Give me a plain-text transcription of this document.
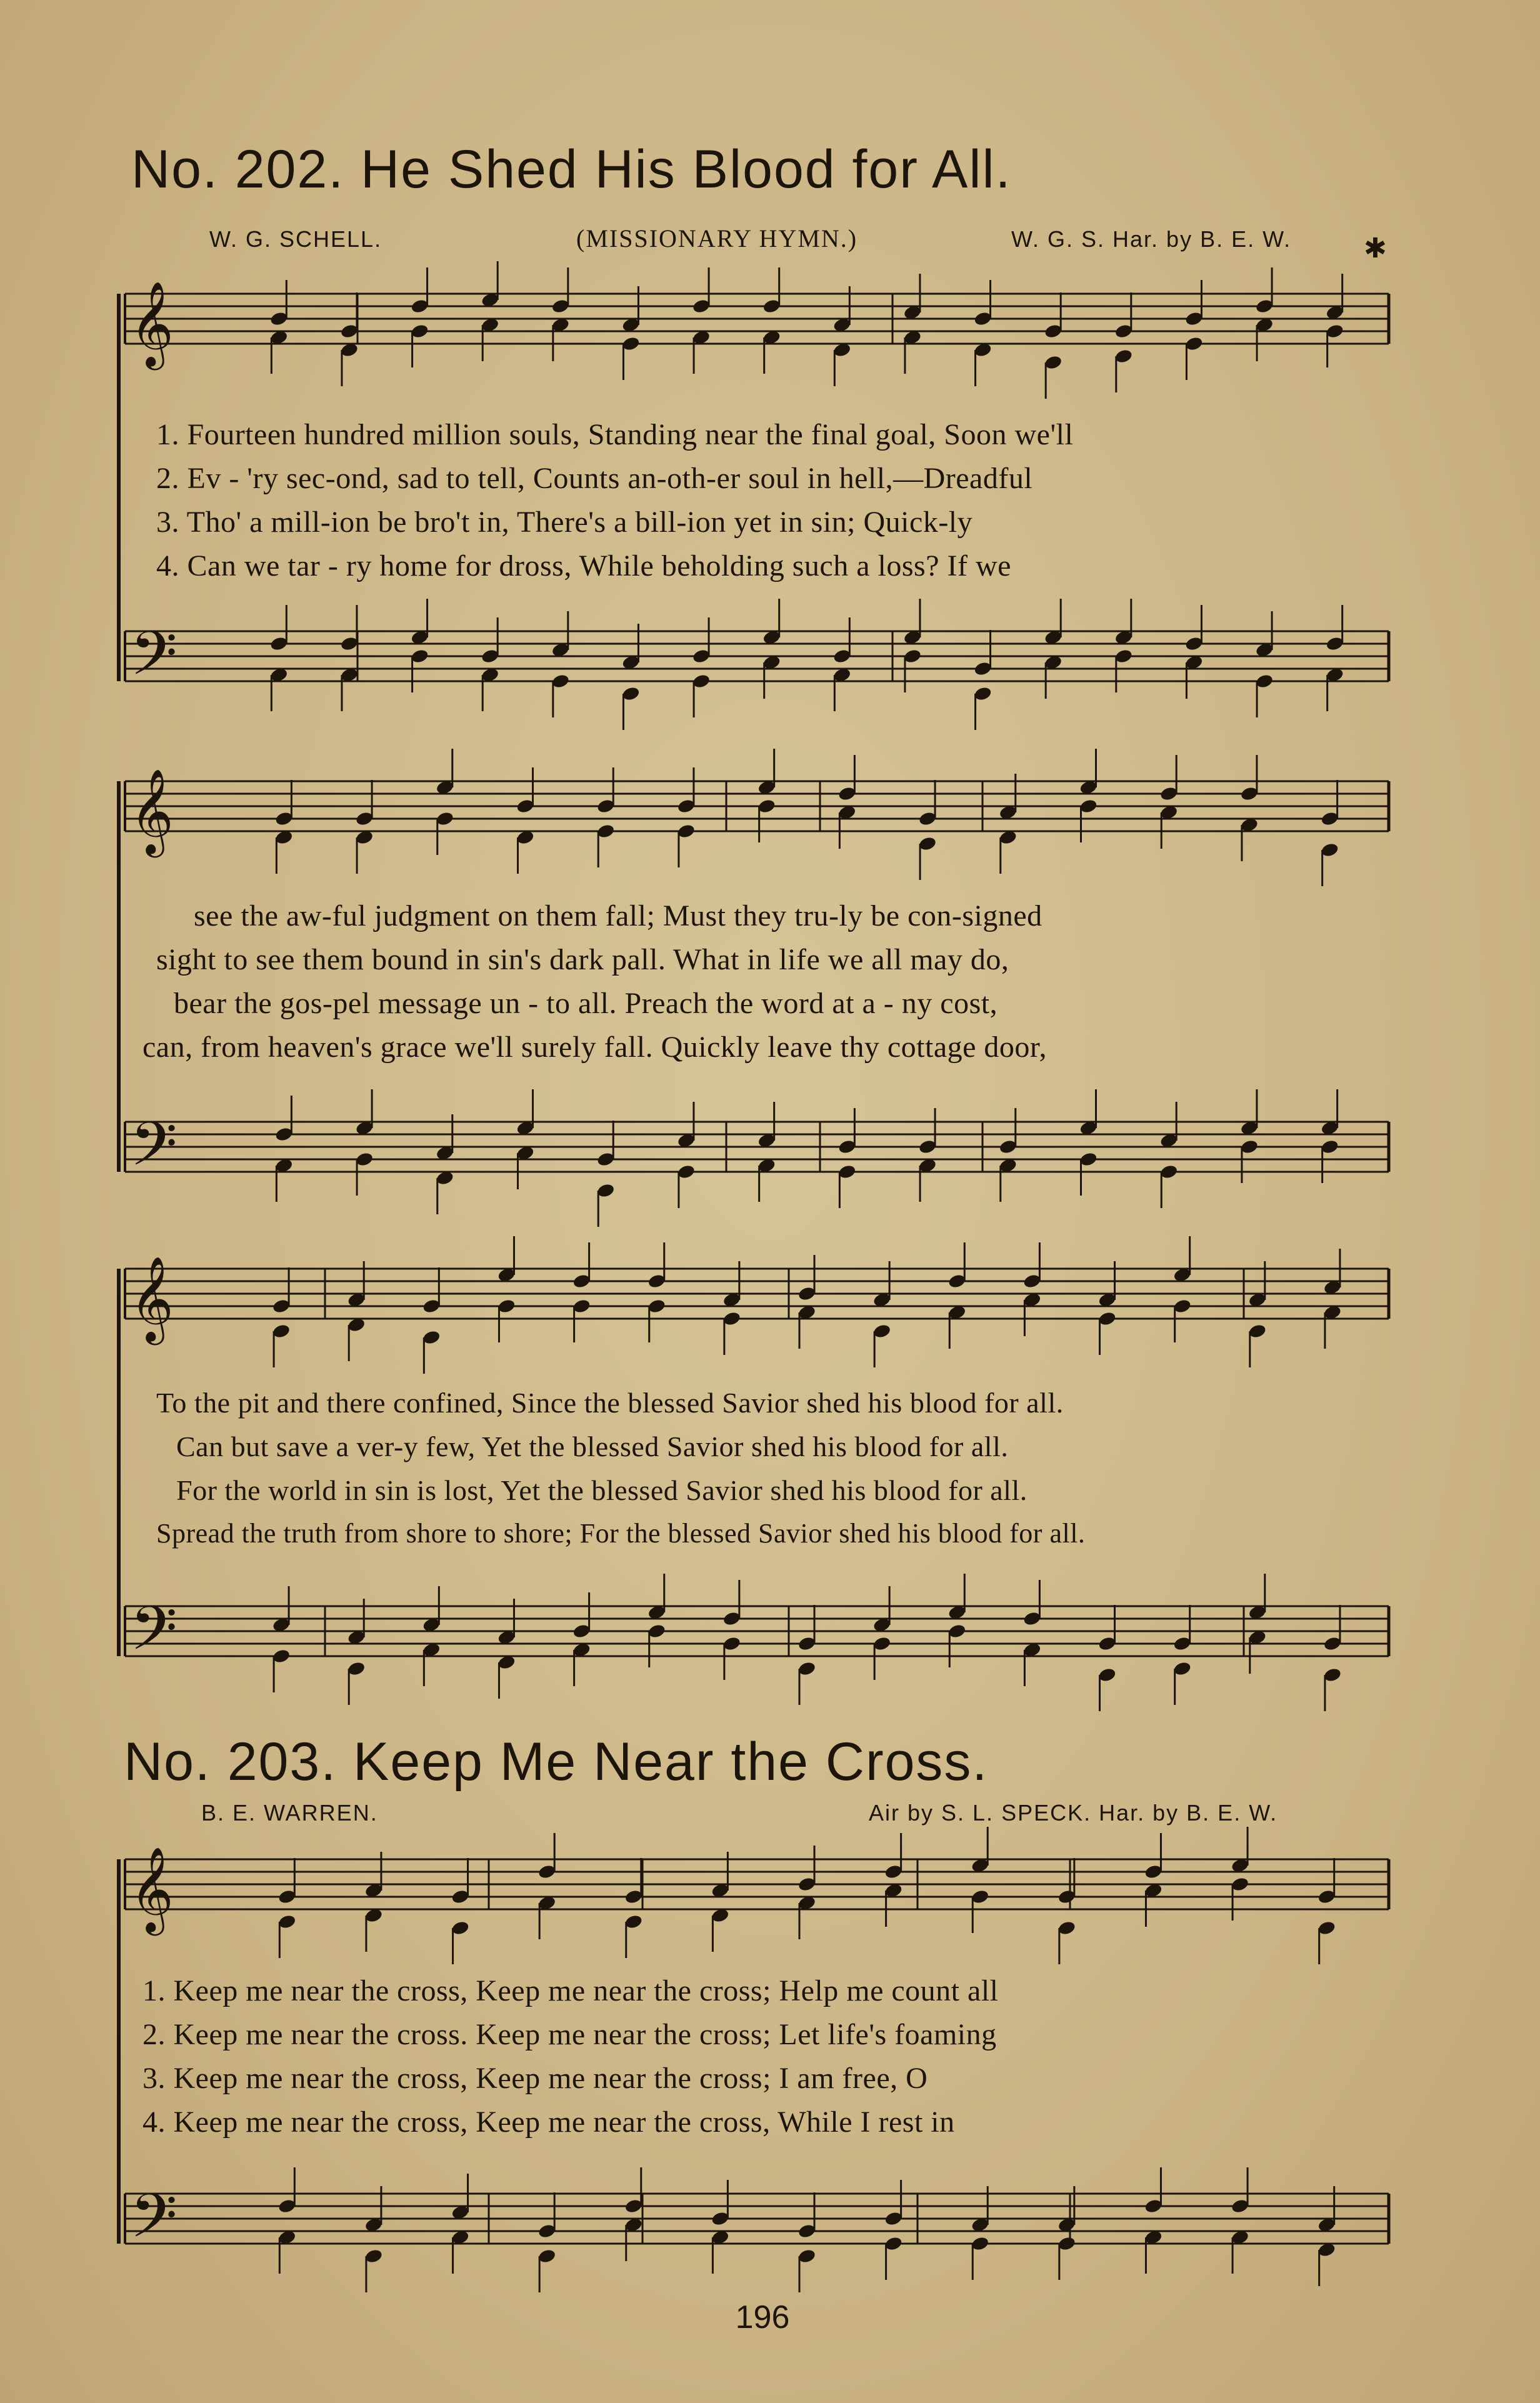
No. 202. He Shed His Blood for All.
W. G. SCHELL.	(MISSIONARY HYMN.)	W. G. S. Har. by B. E. W.	✱
1. Fourteen hundred million souls, Standing near the final goal, Soon we'll
2. Ev - 'ry sec-ond, sad to tell, Counts an-oth-er soul in hell,—Dreadful
3. Tho' a mill-ion be bro't in, There's a bill-ion yet in sin; Quick-ly
4. Can we tar - ry home for dross, While beholding such a loss? If we
see the aw-ful judgment on them fall; Must they tru-ly be con-signed
sight to see them bound in sin's dark pall. What in life we all may do,
bear the gos-pel message un - to all. Preach the word at a - ny cost,
can, from heaven's grace we'll surely fall. Quickly leave thy cottage door,
To the pit and there confined, Since the blessed Savior shed his blood for all.
Can but save a ver-y few, Yet the blessed Savior shed his blood for all.
For the world in sin is lost, Yet the blessed Savior shed his blood for all.
Spread the truth from shore to shore; For the blessed Savior shed his blood for all.
No. 203. Keep Me Near the Cross.
B. E. WARREN.	Air by S. L. SPECK. Har. by B. E. W.
1. Keep me near the cross, Keep me near the cross; Help me count all
2. Keep me near the cross. Keep me near the cross; Let life's foaming
3. Keep me near the cross, Keep me near the cross; I am free, O
4. Keep me near the cross, Keep me near the cross, While I rest in
196
𝄞
𝄢
𝄞
𝄢
𝄞
𝄢
𝄞
𝄢
